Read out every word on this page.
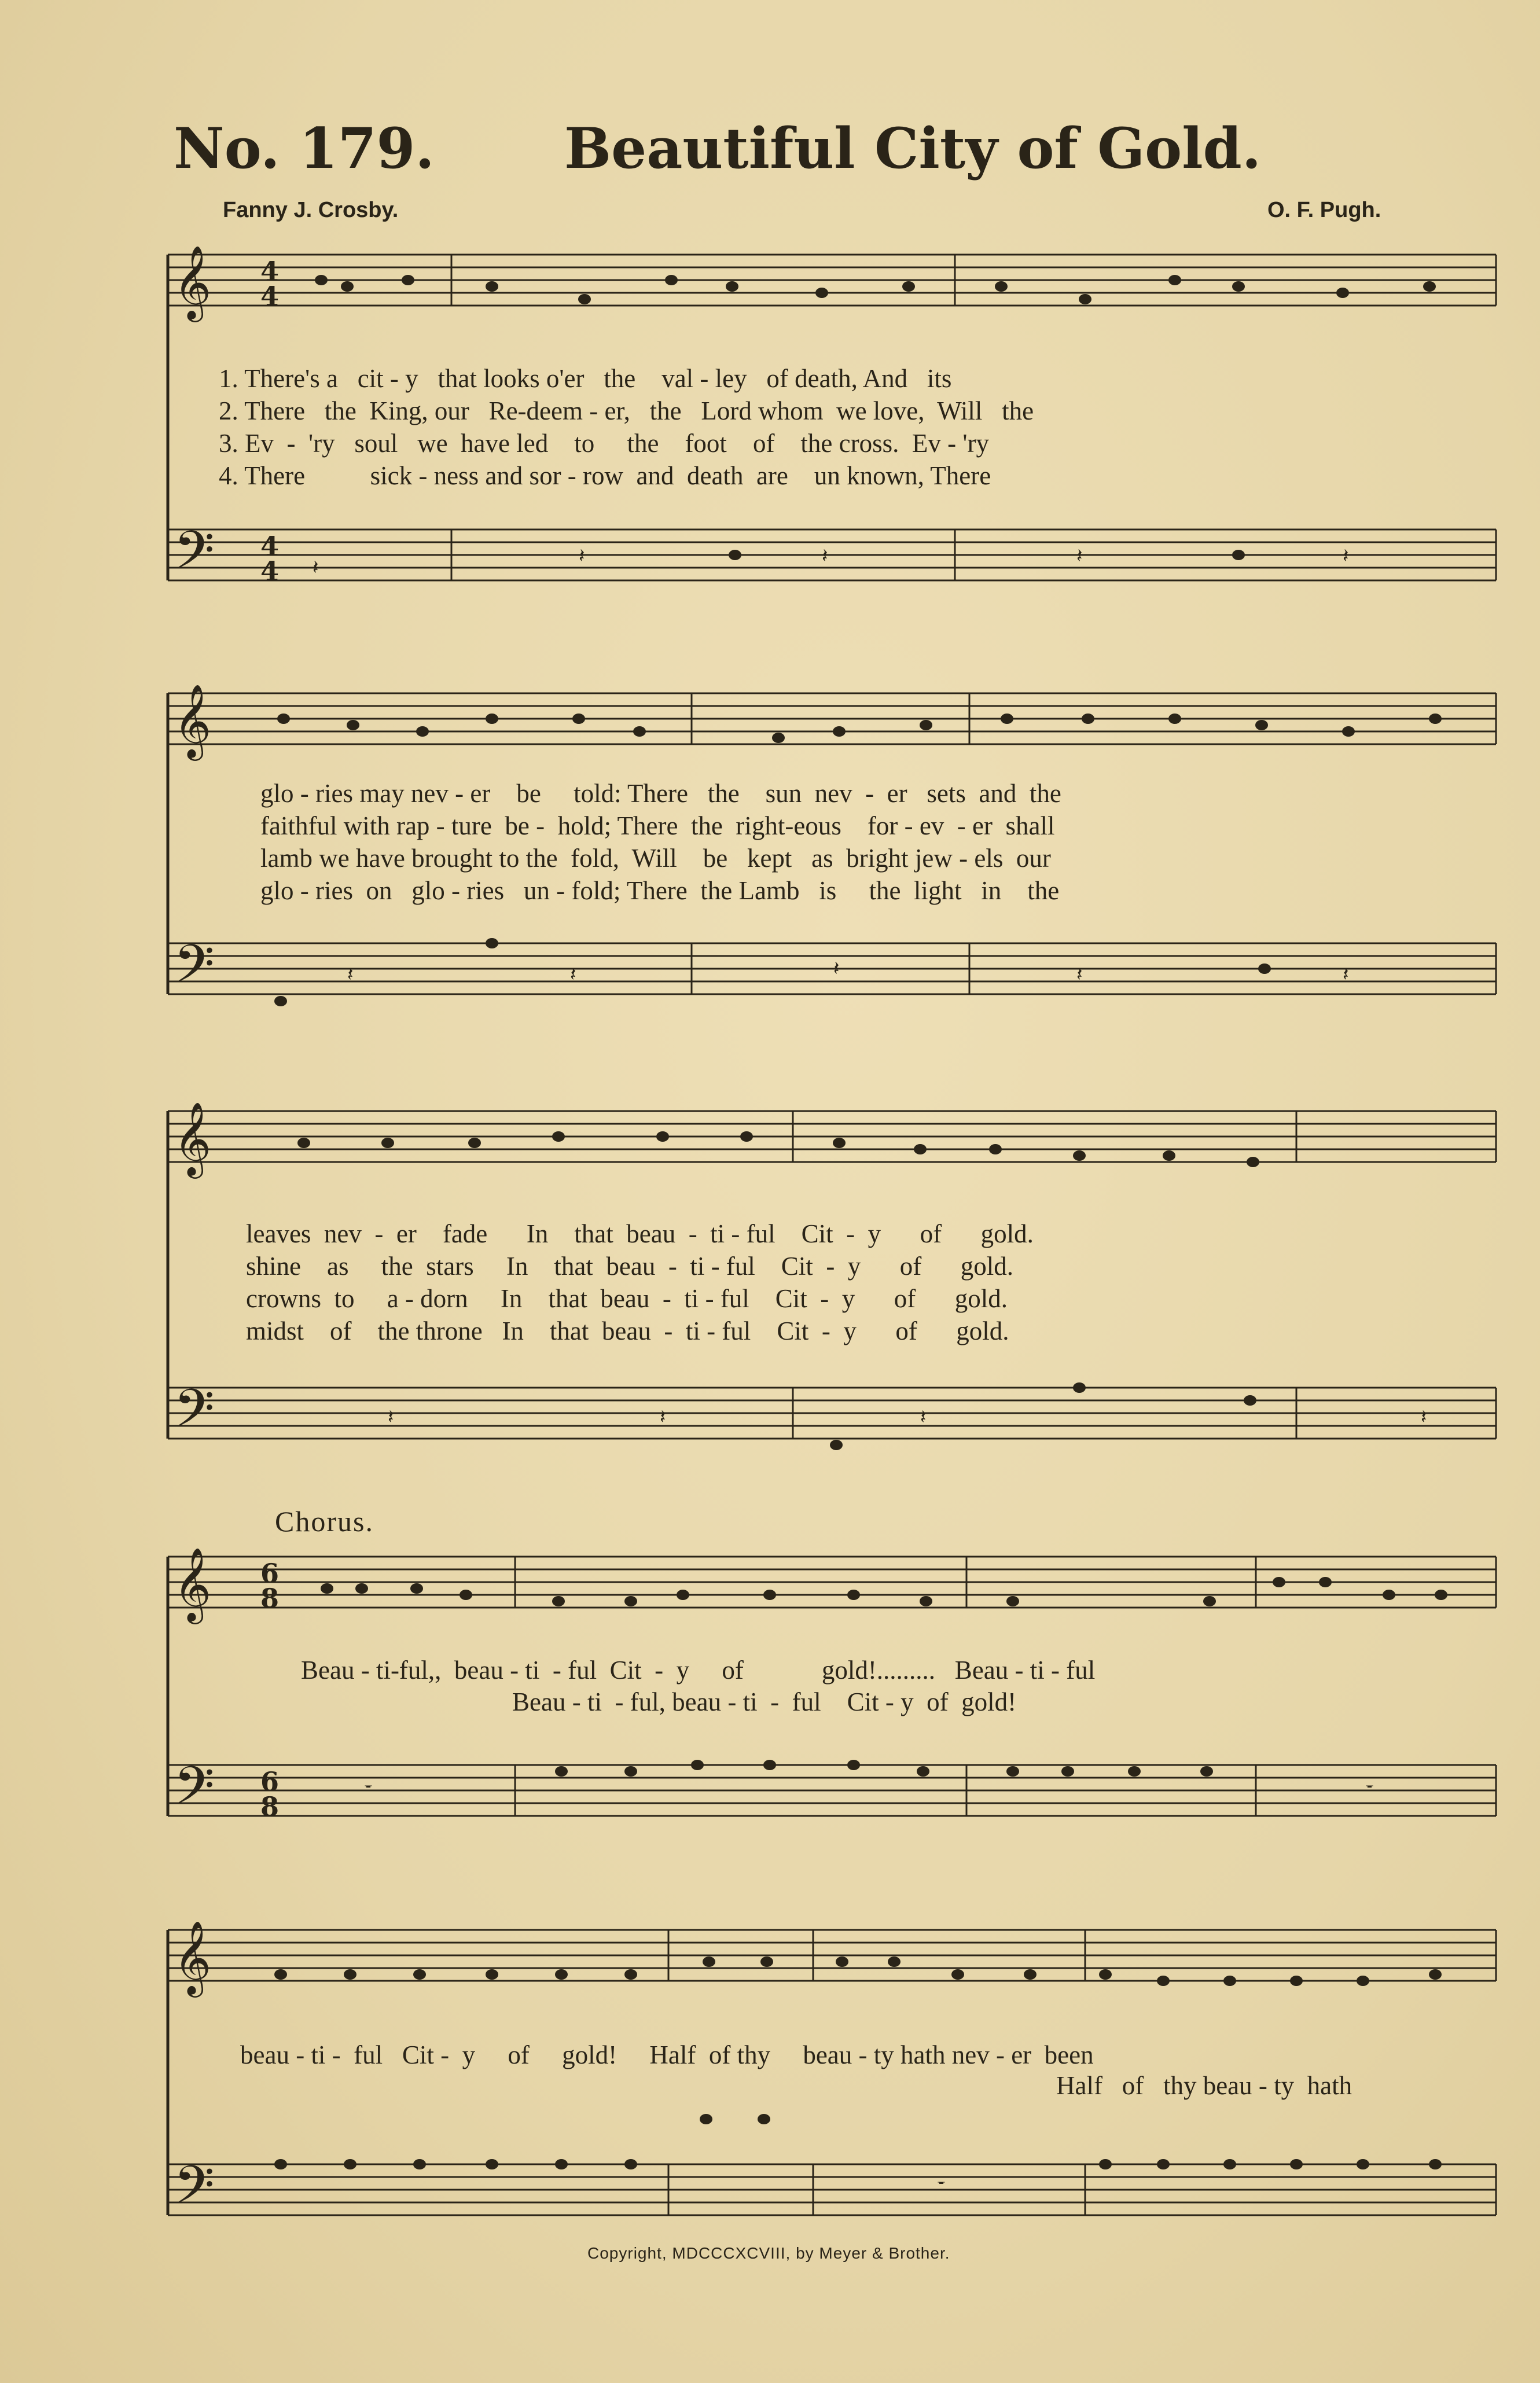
No. 179. Beautiful City of Gold.
Fanny J. Crosby.	O. F. Pugh.
𝄞
𝄢
𝄞
𝄢
𝄞
𝄢
𝄞
𝄢
𝄞
𝄢
4
4
4
4
6
8
6
8
𝄽	𝄽	𝄽	𝄽	𝄽
𝄽	𝄽	𝄽	𝄽	𝄽
𝄽	𝄽	𝄽	𝄽
𝄻	𝄻
𝄻
1. There's a   cit - y   that looks o'er   the    val - ley   of death, And   its
2. There   the  King, our   Re-deem - er,   the   Lord whom  we love,  Will   the
3. Ev  -  'ry   soul   we  have led    to     the    foot    of    the cross.  Ev - 'ry
4. There          sick - ness and sor - row  and  death  are    un known, There
glo - ries may nev - er    be     told: There   the    sun  nev  -  er   sets  and  the
faithful with rap - ture  be -  hold; There  the  right-eous    for - ev  - er  shall
lamb we have brought to the  fold,  Will    be   kept   as  bright jew - els  our
glo - ries  on   glo - ries   un - fold; There  the Lamb   is     the  light   in    the
leaves  nev  -  er    fade      In    that  beau  -  ti - ful    Cit  -  y      of      gold.
shine    as     the  stars     In    that  beau  -  ti - ful    Cit  -  y      of      gold.
crowns  to     a - dorn     In    that  beau  -  ti - ful    Cit  -  y      of      gold.
midst    of    the throne   In    that  beau  -  ti - ful    Cit  -  y      of      gold.
Chorus.
Beau - ti-ful,,  beau - ti  - ful  Cit  -  y     of            gold!.........   Beau - ti - ful
Beau - ti  - ful, beau - ti  -  ful    Cit - y  of  gold!
beau - ti -  ful   Cit -  y     of     gold!     Half  of thy     beau - ty hath nev - er  been
Half   of   thy beau - ty  hath
Copyright, MDCCCXCVIII, by Meyer & Brother.
